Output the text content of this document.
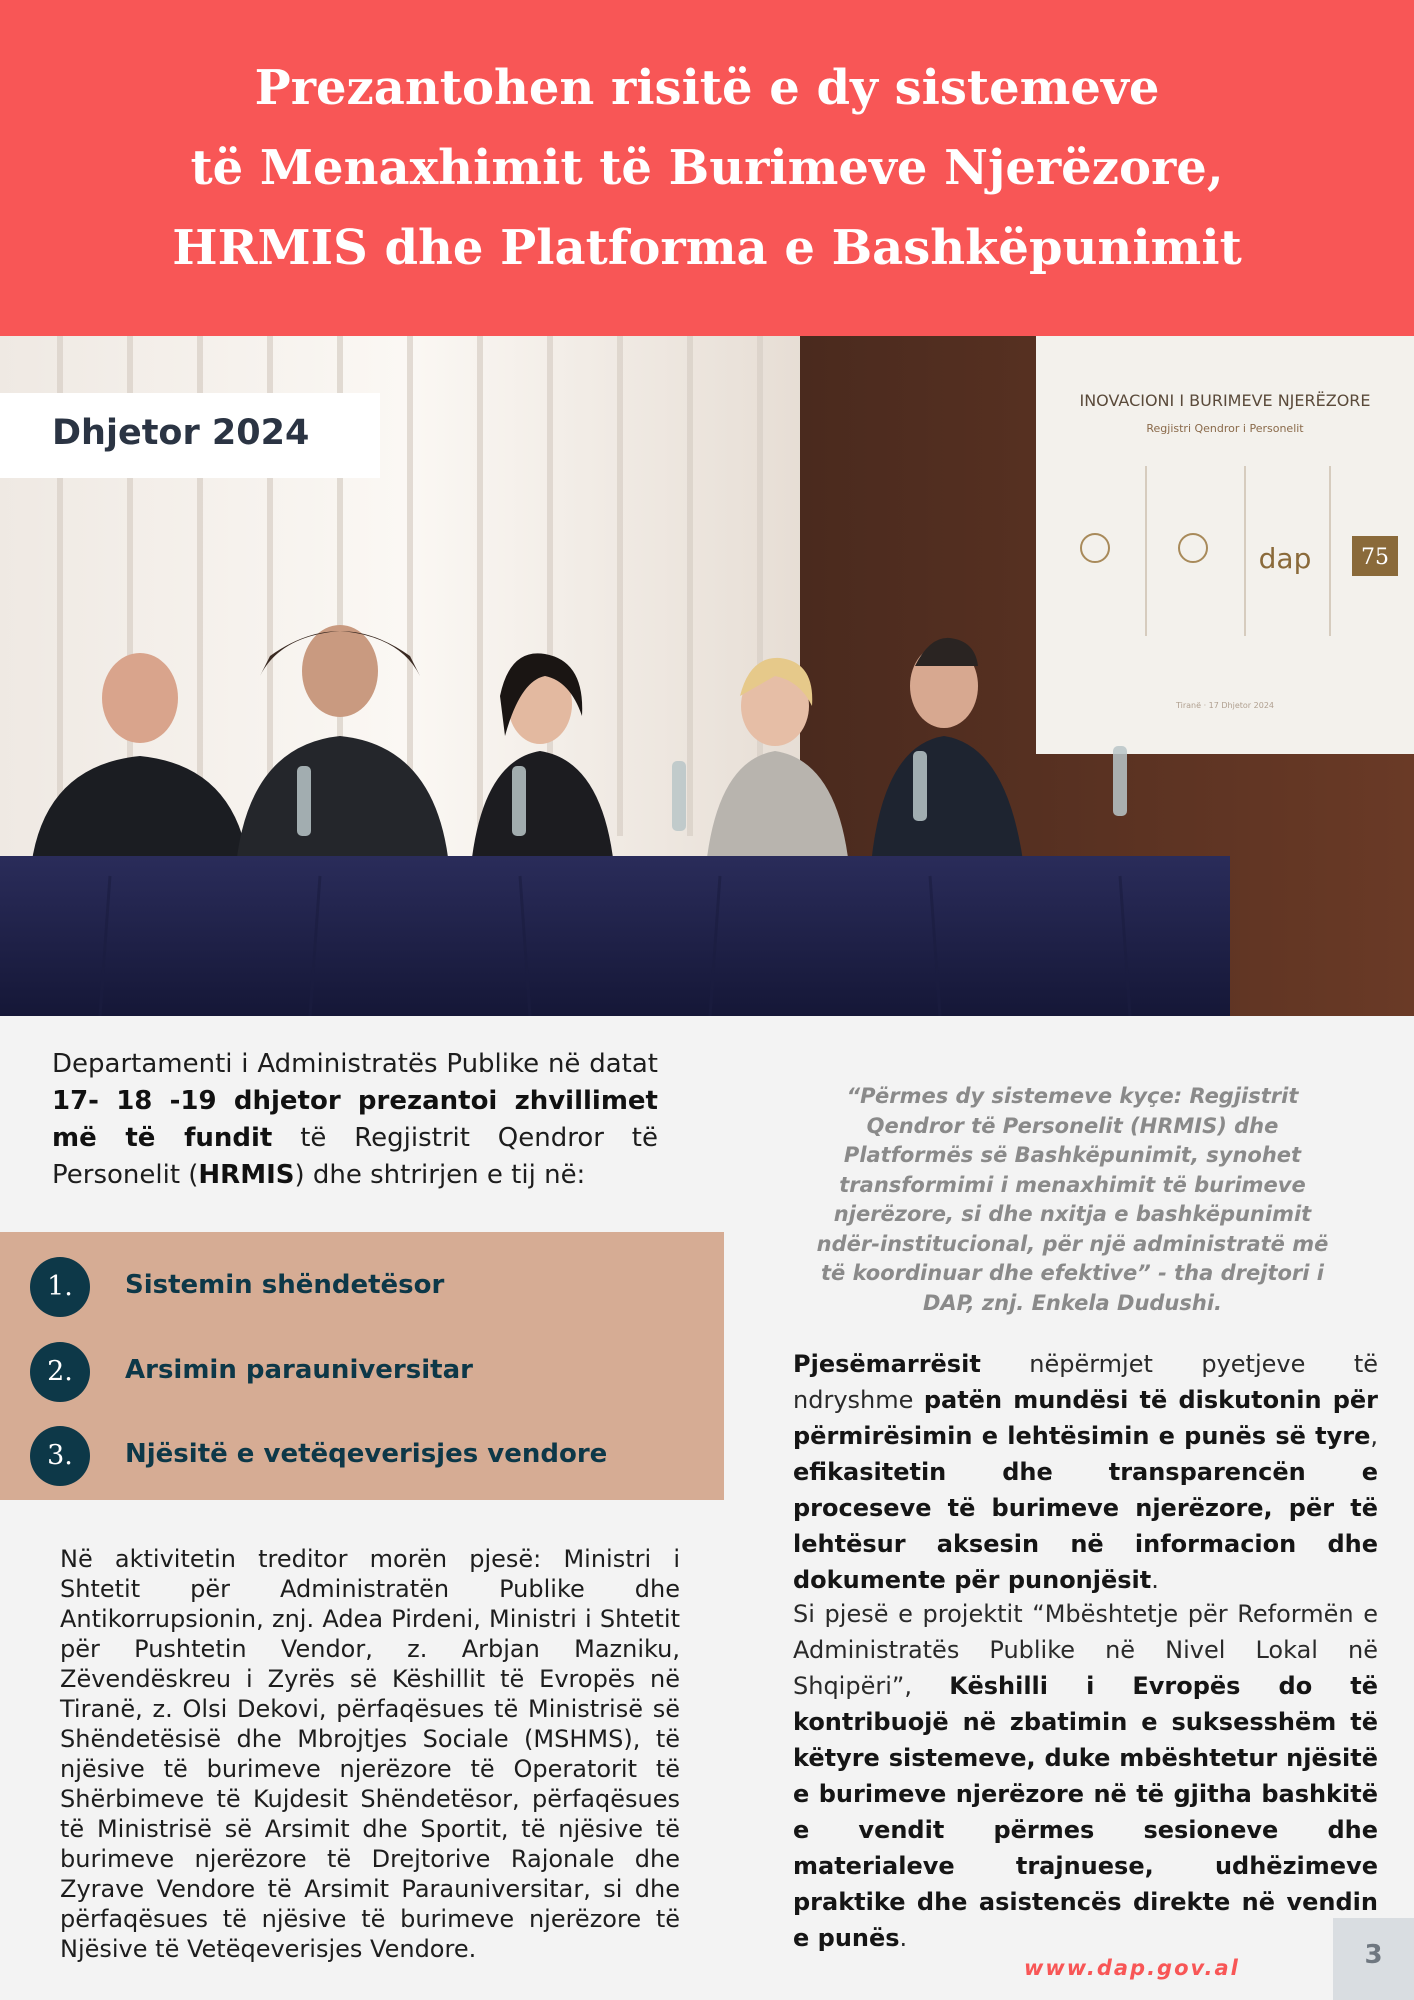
Prezantohen risitë e dy sistemeve
të Menaxhimit të Burimeve Njerëzore,
HRMIS dhe Platforma e Bashkëpunimit
INOVACIONI I BURIMEVE NJERËZORE
Regjistri Qendror i Personelit
dap 75
Tiranë · 17 Dhjetor 2024
Dhjetor 2024
Departamenti i Administratës Publike në datat 17- 18 -19 dhjetor prezantoi zhvillimet më të fundit të Regjistrit Qendror të Personelit (HRMIS) dhe shtrirjen e tij në:
1.	Sistemin shëndetësor
2.	Arsimin parauniversitar
3.	Njësitë e vetëqeverisjes vendore
Në aktivitetin treditor morën pjesë: Ministri i Shtetit për Administratën Publike dhe Antikorrupsionin, znj. Adea Pirdeni, Ministri i Shtetit për Pushtetin Vendor, z. Arbjan Mazniku, Zëvendëskreu i Zyrës së Këshillit të Evropës në Tiranë, z. Olsi Dekovi, përfaqësues të Ministrisë së Shëndetësisë dhe Mbrojtjes Sociale (MSHMS), të njësive të burimeve njerëzore të Operatorit të Shërbimeve të Kujdesit Shëndetësor, përfaqësues të Ministrisë së Arsimit dhe Sportit, të njësive të burimeve njerëzore të Drejtorive Rajonale dhe Zyrave Vendore të Arsimit Parauniversitar, si dhe përfaqësues të njësive të burimeve njerëzore të Njësive të Vetëqeverisjes Vendore.
“Përmes dy sistemeve kyçe: Regjistrit Qendror të Personelit (HRMIS) dhe Platformës së Bashkëpunimit, synohet transformimi i menaxhimit të burimeve njerëzore, si dhe nxitja e bashkëpunimit ndër-institucional, për një administratë më të koordinuar dhe efektive” - tha drejtori i DAP, znj. Enkela Dudushi.
Pjesëmarrësit nëpërmjet pyetjeve të ndryshme patën mundësi të diskutonin për përmirësimin e lehtësimin e punës së tyre, efikasitetin dhe transparencën e proceseve të burimeve njerëzore, për të lehtësur aksesin në informacion dhe dokumente për punonjësit.
Si pjesë e projektit “Mbështetje për Reformën e Administratës Publike në Nivel Lokal në Shqipëri”, Këshilli i Evropës do të kontribuojë në zbatimin e suksesshëm të këtyre sistemeve, duke mbështetur njësitë e burimeve njerëzore në të gjitha bashkitë e vendit përmes sesioneve dhe materialeve trajnuese, udhëzimeve praktike dhe asistencës direkte në vendin e punës.
www.dap.gov.al	3
